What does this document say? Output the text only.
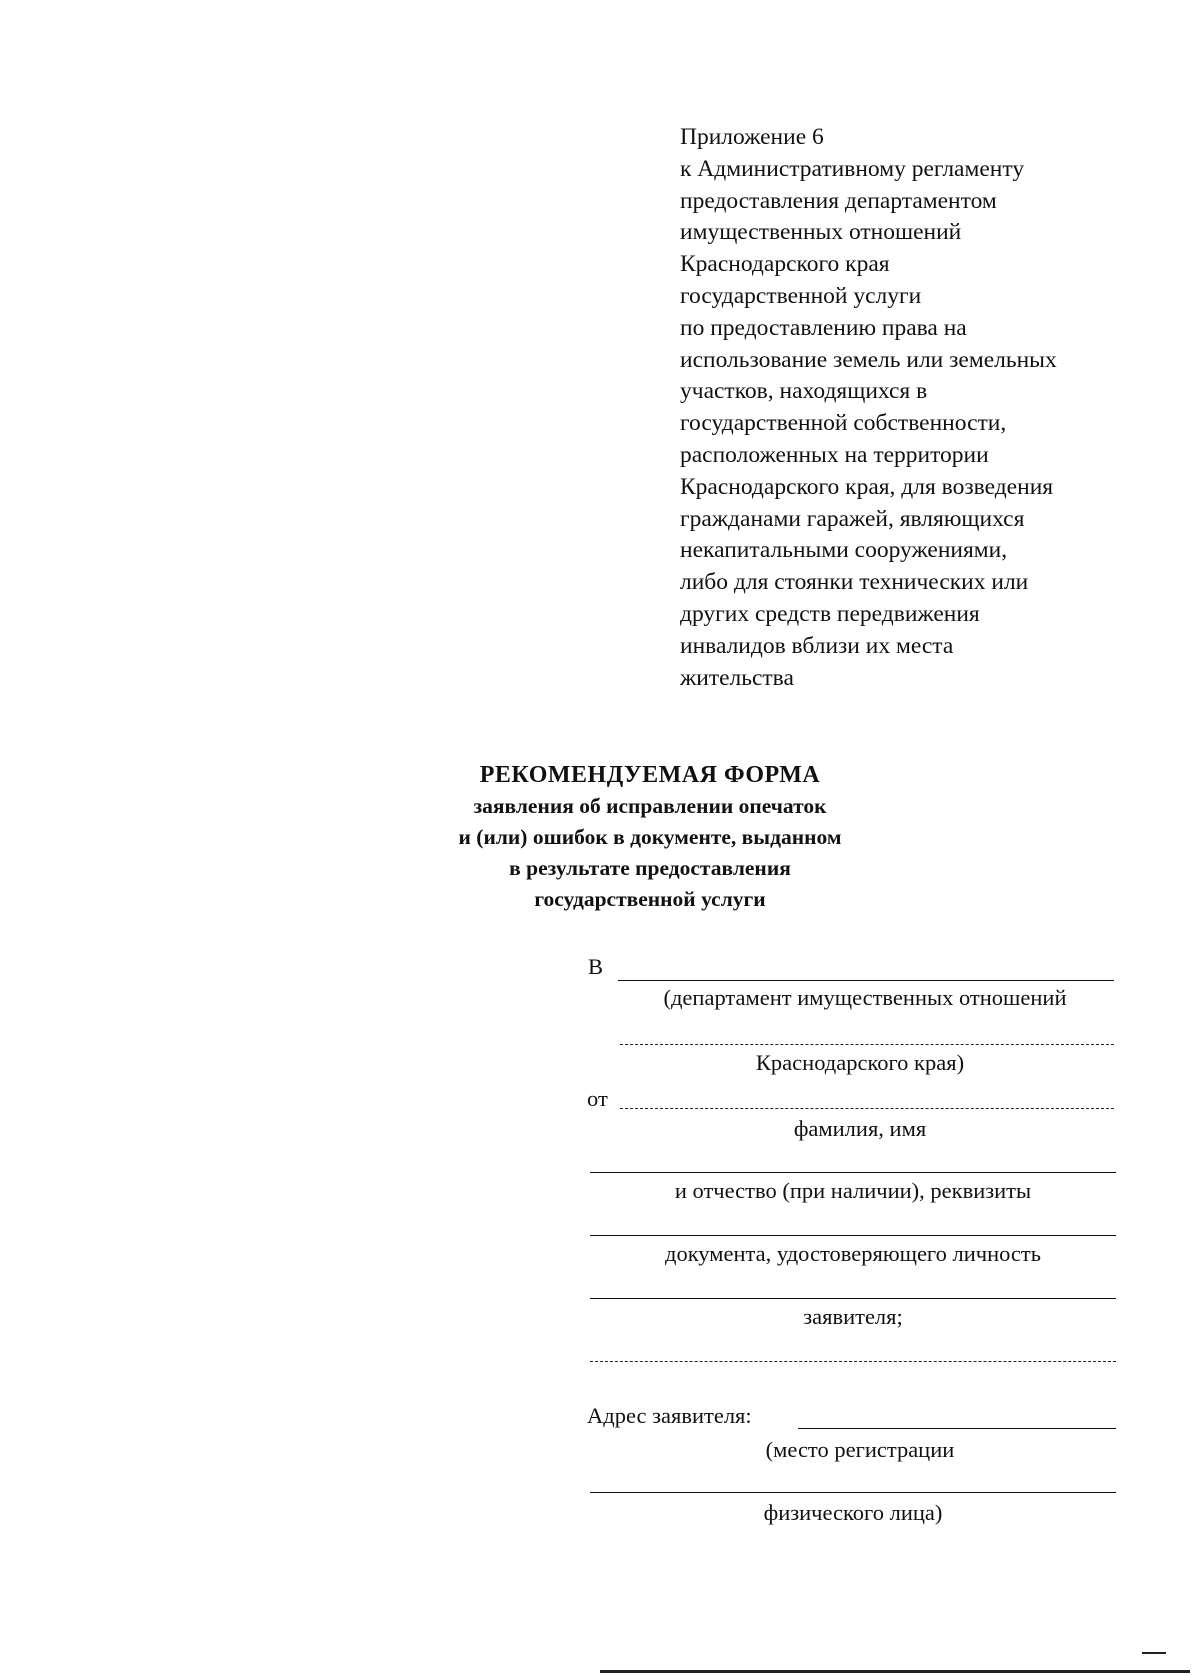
Приложение 6
к Административному регламенту
предоставления департаментом
имущественных отношений
Краснодарского края
государственной услуги
по предоставлению права на
использование земель или земельных
участков, находящихся в
государственной собственности,
расположенных на территории
Краснодарского края, для возведения
гражданами гаражей, являющихся
некапитальными сооружениями,
либо для стоянки технических или
других средств передвижения
инвалидов вблизи их места
жительства
РЕКОМЕНДУЕМАЯ ФОРМА
заявления об исправлении опечаток
и (или) ошибок в документе, выданном
в результате предоставления
государственной услуги
В
(департамент имущественных отношений
Краснодарского края)
от
фамилия, имя
и отчество (при наличии), реквизиты
документа, удостоверяющего личность
заявителя;
Адрес заявителя:
(место регистрации
физического лица)
